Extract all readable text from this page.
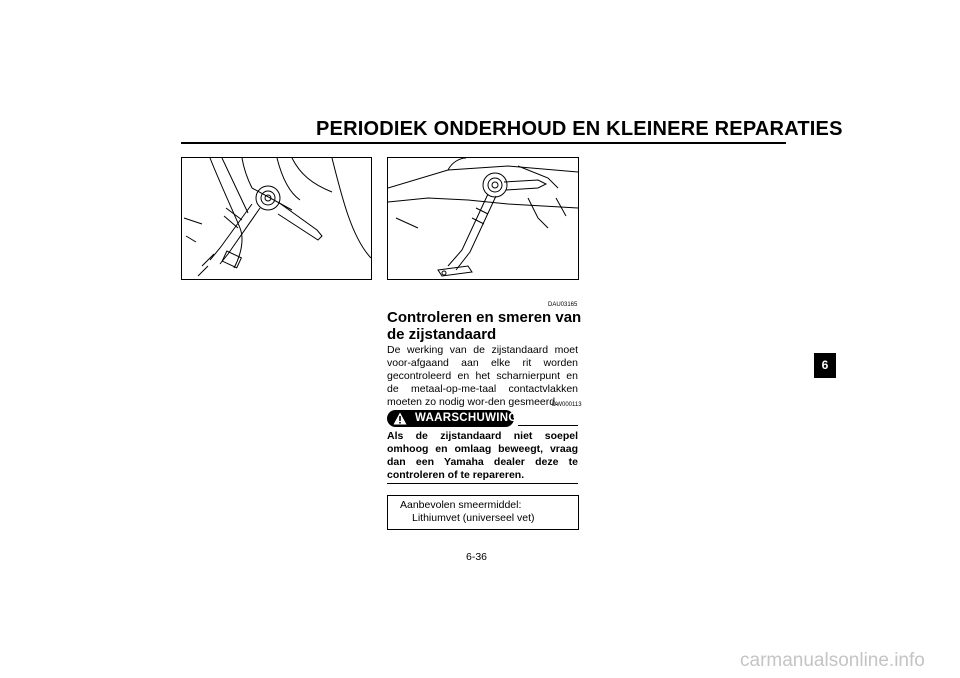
PERIODIEK ONDERHOUD EN KLEINERE REPARATIES
DAU03165
Controleren en smeren van de zijstandaard
De werking van de zijstandaard moet voor-afgaand aan elke rit worden gecontroleerd en het scharnierpunt en de metaal-op-me-taal contactvlakken moeten zo nodig wor-den gesmeerd.
DW000113
WAARSCHUWING
Als de zijstandaard niet soepel omhoog en omlaag beweegt, vraag dan een Yamaha dealer deze te controleren of te repareren.
Aanbevolen smeermiddel:
Lithiumvet (universeel vet)
6-36
6
carmanualsonline.info
